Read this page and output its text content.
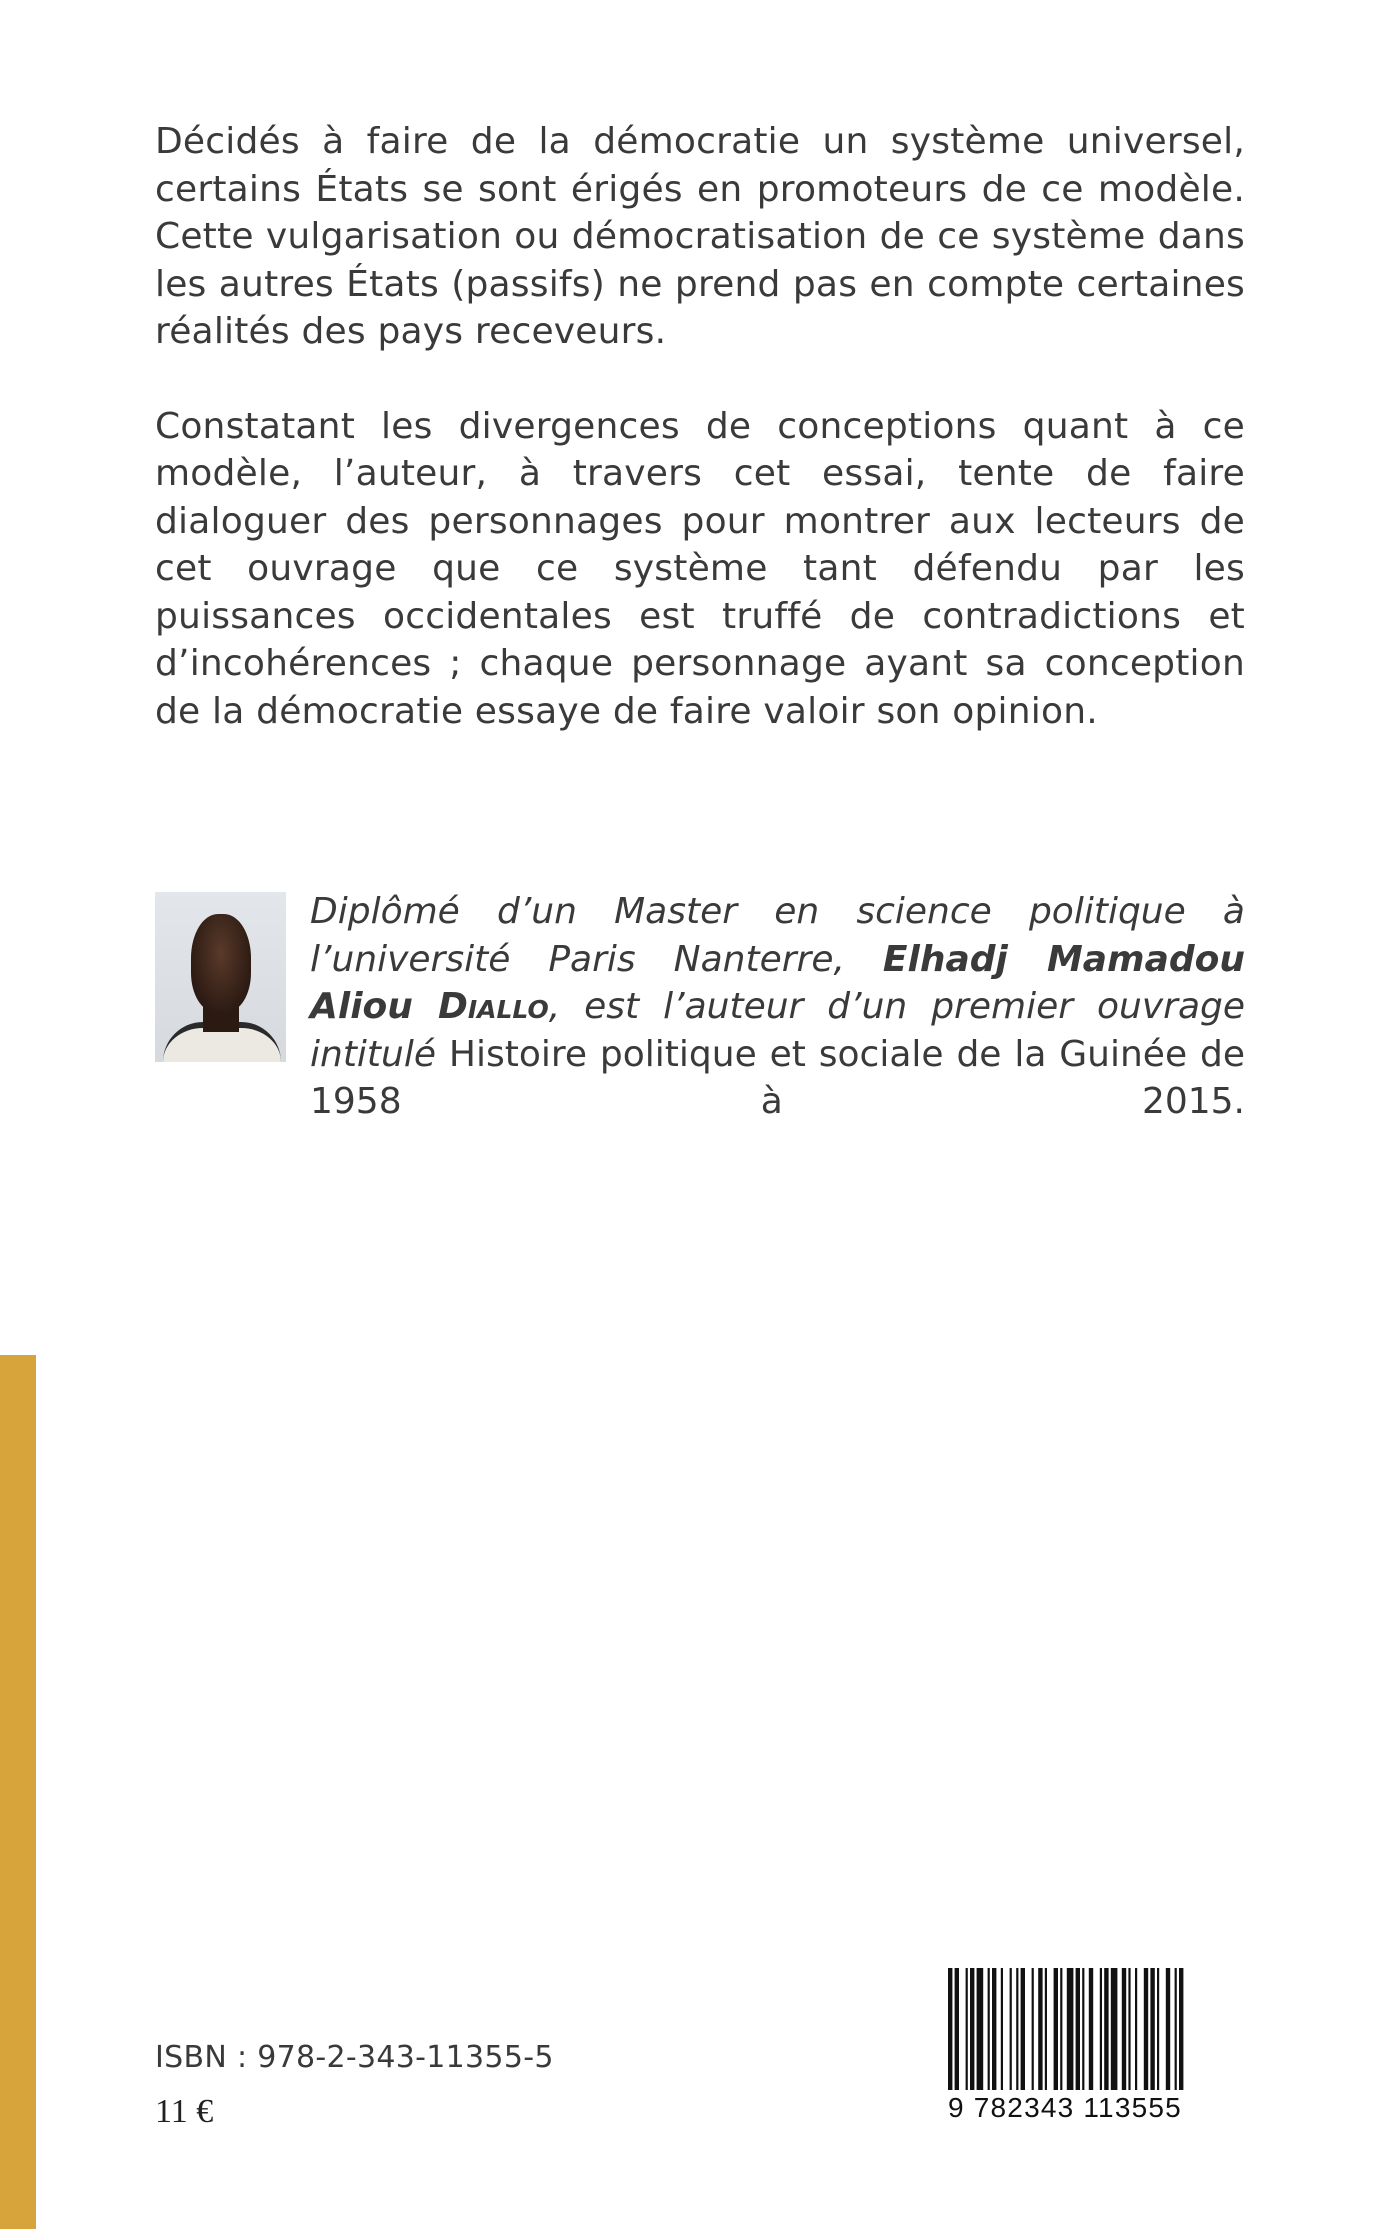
Décidés à faire de la démocratie un système universel, certains États se sont érigés en promoteurs de ce modèle. Cette vulgarisation ou démocratisation de ce système dans les autres États (passifs) ne prend pas en compte certaines réalités des pays receveurs.

Constatant les divergences de conceptions quant à ce modèle, l’auteur, à travers cet essai, tente de faire dialoguer des personnages pour montrer aux lecteurs de cet ouvrage que ce système tant défendu par les puissances occidentales est truffé de contradictions et d’incohérences ; chaque personnage ayant sa conception de la démocratie essaye de faire valoir son opinion.

Diplômé d’un Master en science politique à l’université Paris Nanterre, Elhadj Mamadou Aliou Diallo, est l’auteur d’un premier ouvrage intitulé Histoire politique et sociale de la Guinée de 1958 à 2015.
ISBN : 978-2-343-11355-5
11 €	9 782343 113555
